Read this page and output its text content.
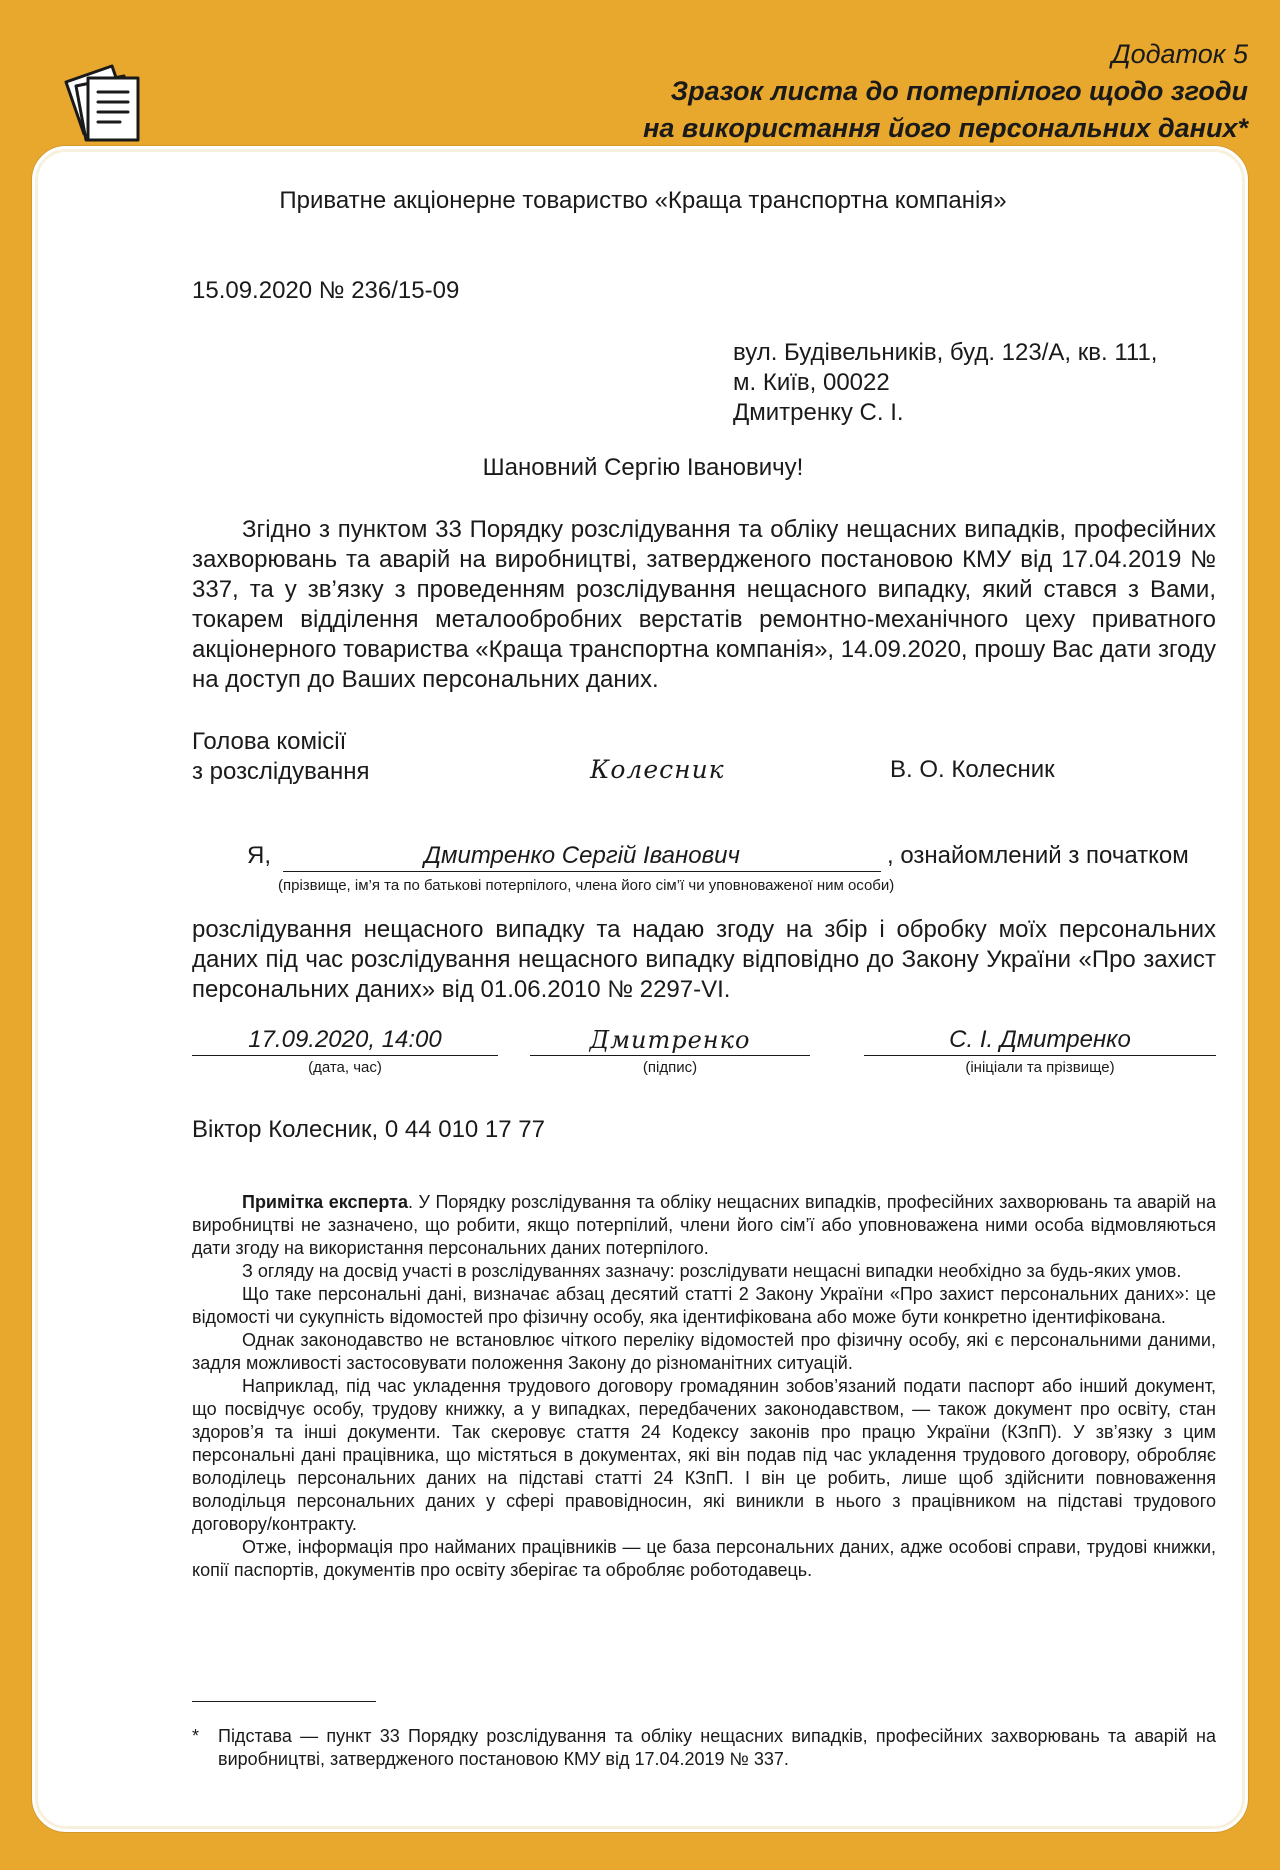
Додаток 5
Зразок листа до потерпілого щодо згоди
на використання його персональних даних*
Приватне акціонерне товариство «Краща транспортна компанія»
15.09.2020 № 236/15-09
вул. Будівельників, буд. 123/А, кв. 111,
м. Київ, 00022
Дмитренку С. І.
Шановний Сергію Івановичу!
Згідно з пунктом 33 Порядку розслідування та обліку нещасних випадків, професійних захворювань та аварій на виробництві, затвердженого постановою КМУ від 17.04.2019 № 337, та у зв’язку з проведенням розслідування нещасного випадку, який стався з Вами, токарем відділення металообробних верстатів ремонтно-механічного цеху приватного акціонерного товариства «Краща транспортна компанія», 14.09.2020, прошу Вас дати згоду на доступ до Ваших персональних даних.
Голова комісії
з розслідування	Колесник	В. О. Колесник
Я,	Дмитренко Сергій Іванович	, ознайомлений з початком
(прізвище, ім’я та по батькові потерпілого, члена його сім’ї чи уповноваженої ним особи)
розслідування нещасного випадку та надаю згоду на збір і обробку моїх персональних даних під час розслідування нещасного випадку відповідно до Закону України «Про захист персональних даних» від 01.06.2010 № 2297-VI.
17.09.2020, 14:00	Дмитренко	С. І. Дмитренко
(дата, час)	(підпис)	(ініціали та прізвище)
Віктор Колесник, 0 44 010 17 77

Примітка експерта. У Порядку розслідування та обліку нещасних випадків, професійних захворювань та аварій на виробництві не зазначено, що робити, якщо потерпілий, члени його сім’ї або уповноважена ними особа відмовляються дати згоду на використання персональних даних потерпілого.

З огляду на досвід участі в розслідуваннях зазначу: розслідувати нещасні випадки необхідно за будь-яких умов.

Що таке персональні дані, визначає абзац десятий статті 2 Закону України «Про захист персональних даних»: це відомості чи сукупність відомостей про фізичну особу, яка ідентифікована або може бути конкретно ідентифікована.

Однак законодавство не встановлює чіткого переліку відомостей про фізичну особу, які є персональними даними, задля можливості застосовувати положення Закону до різноманітних ситуацій.

Наприклад, під час укладення трудового договору громадянин зобов’язаний подати паспорт або інший документ, що посвідчує особу, трудову книжку, а у випадках, передбачених законодавством, — також документ про освіту, стан здоров’я та інші документи. Так скеровує стаття 24 Кодексу законів про працю України (КЗпП). У зв’язку з цим персональні дані працівника, що містяться в документах, які він подав під час укладення трудового договору, обробляє володілець персональних даних на підставі статті 24 КЗпП. І він це робить, лише щоб здійснити повноваження володільця персональних даних у сфері правовідносин, які виникли в нього з працівником на підставі трудового договору/контракту.

Отже, інформація про найманих працівників — це база персональних даних, адже особові справи, трудові книжки, копії паспортів, документів про освіту зберігає та обробляє роботодавець.

* Підстава — пункт 33 Порядку розслідування та обліку нещасних випадків, професійних захворювань та аварій на виробництві, затвердженого постановою КМУ від 17.04.2019 № 337.
